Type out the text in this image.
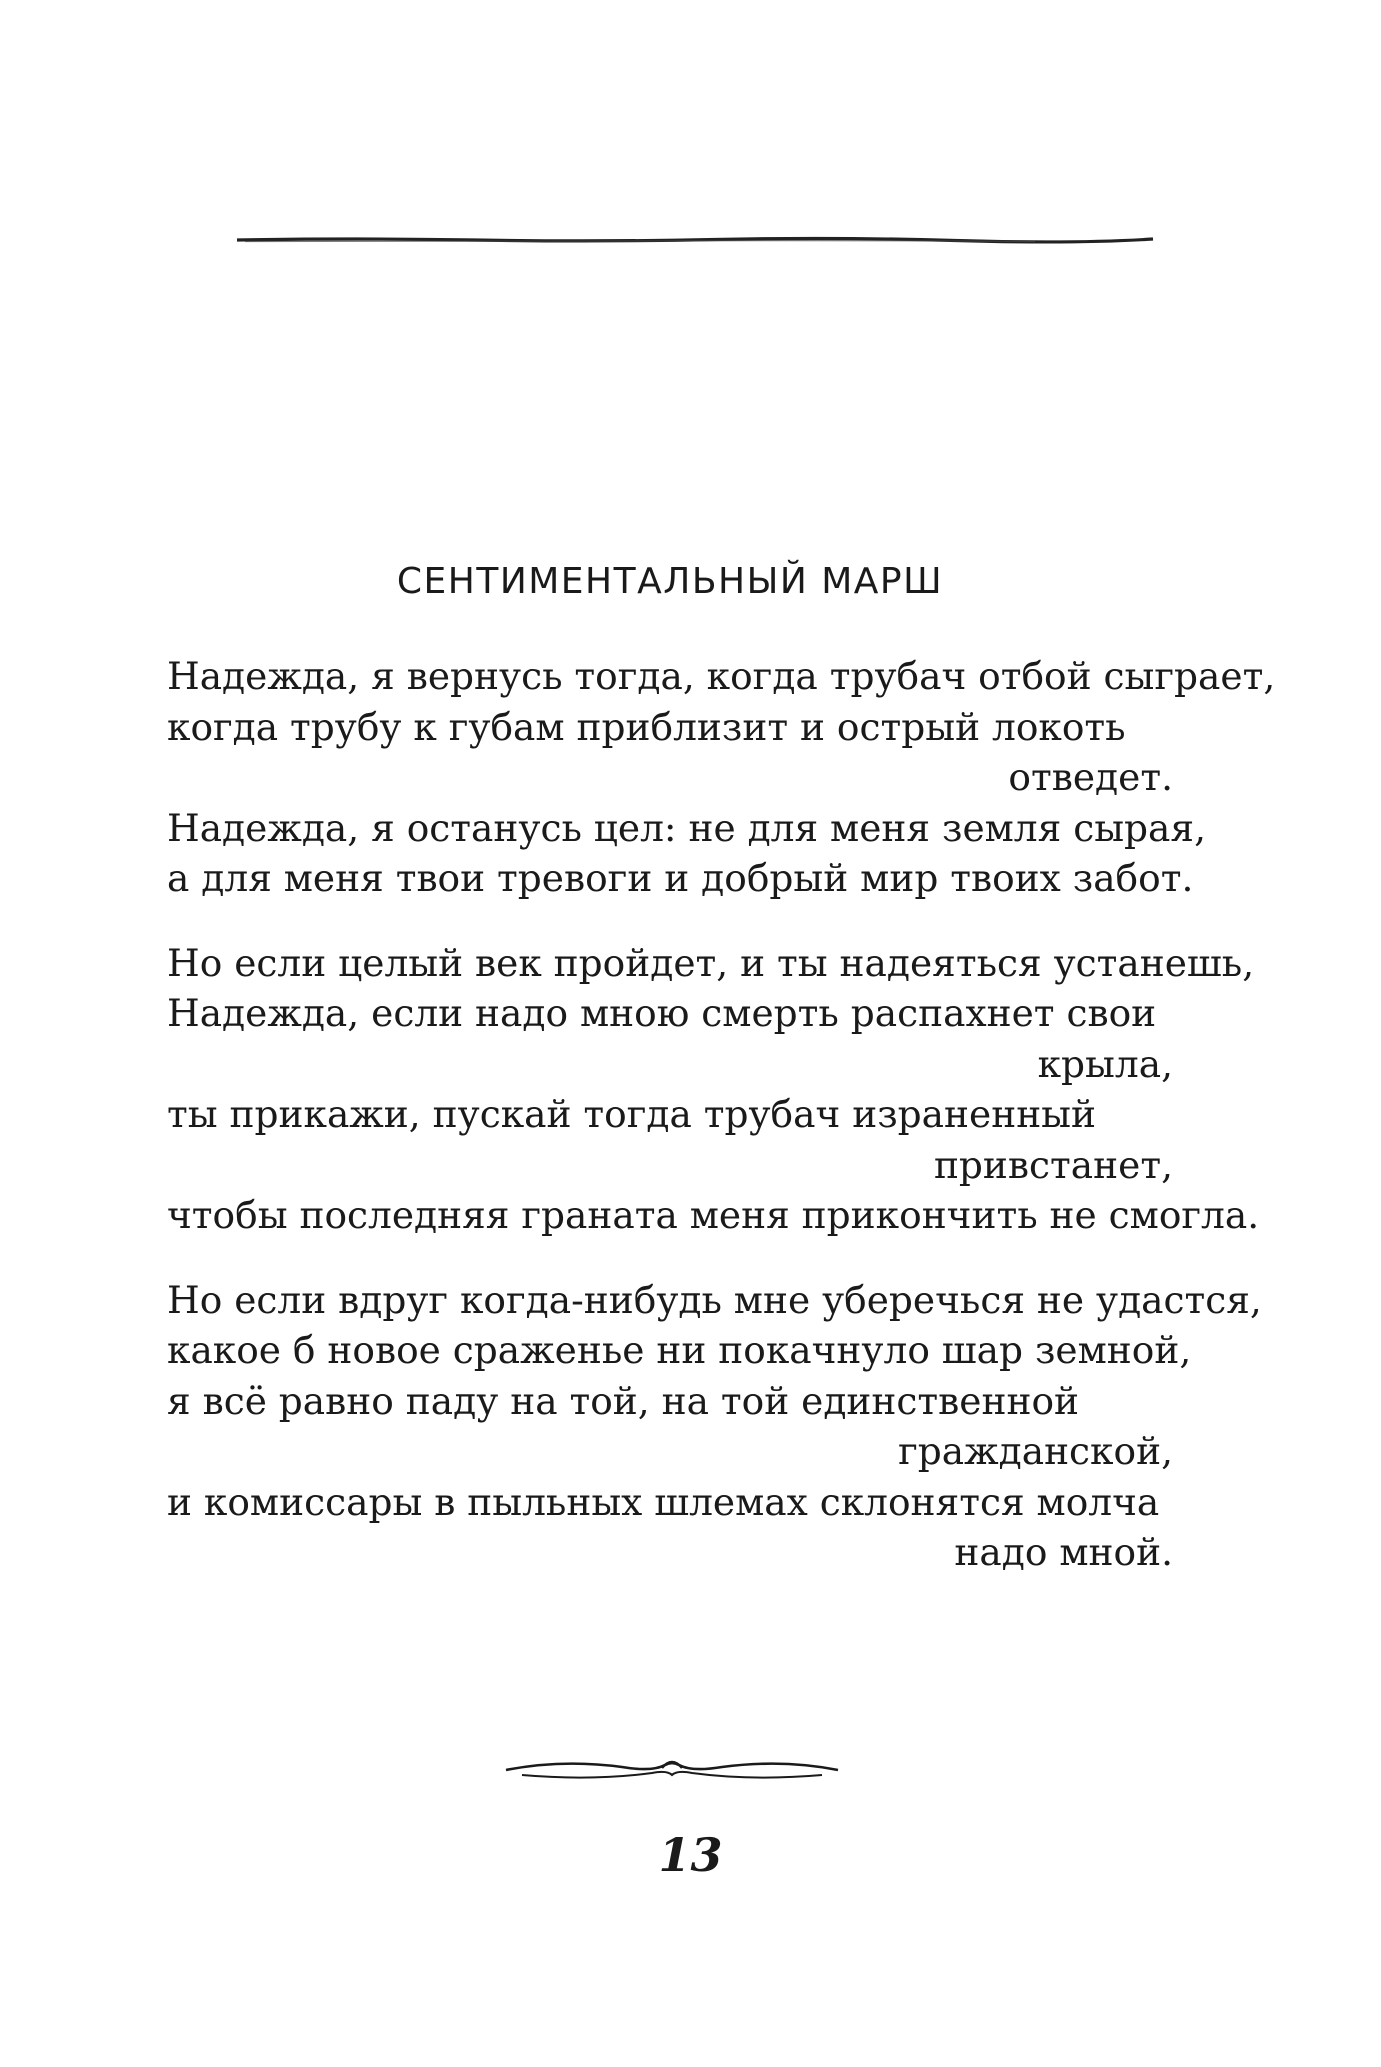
СЕНТИМЕНТАЛЬНЫЙ МАРШ
Надежда, я вернусь тогда, когда трубач отбой сыграет,
когда трубу к губам приблизит и острый локоть
отведет.
Надежда, я останусь цел: не для меня земля сырая,
а для меня твои тревоги и добрый мир твоих забот.
Но если целый век пройдет, и ты надеяться устанешь,
Надежда, если надо мною смерть распахнет свои
крыла,
ты прикажи, пускай тогда трубач израненный
привстанет,
чтобы последняя граната меня прикончить не смогла.
Но если вдруг когда-нибудь мне уберечься не удастся,
какое б новое сраженье ни покачнуло шар земной,
я всё равно паду на той, на той единственной
гражданской,
и комиссары в пыльных шлемах склонятся молча
надо мной.
13
